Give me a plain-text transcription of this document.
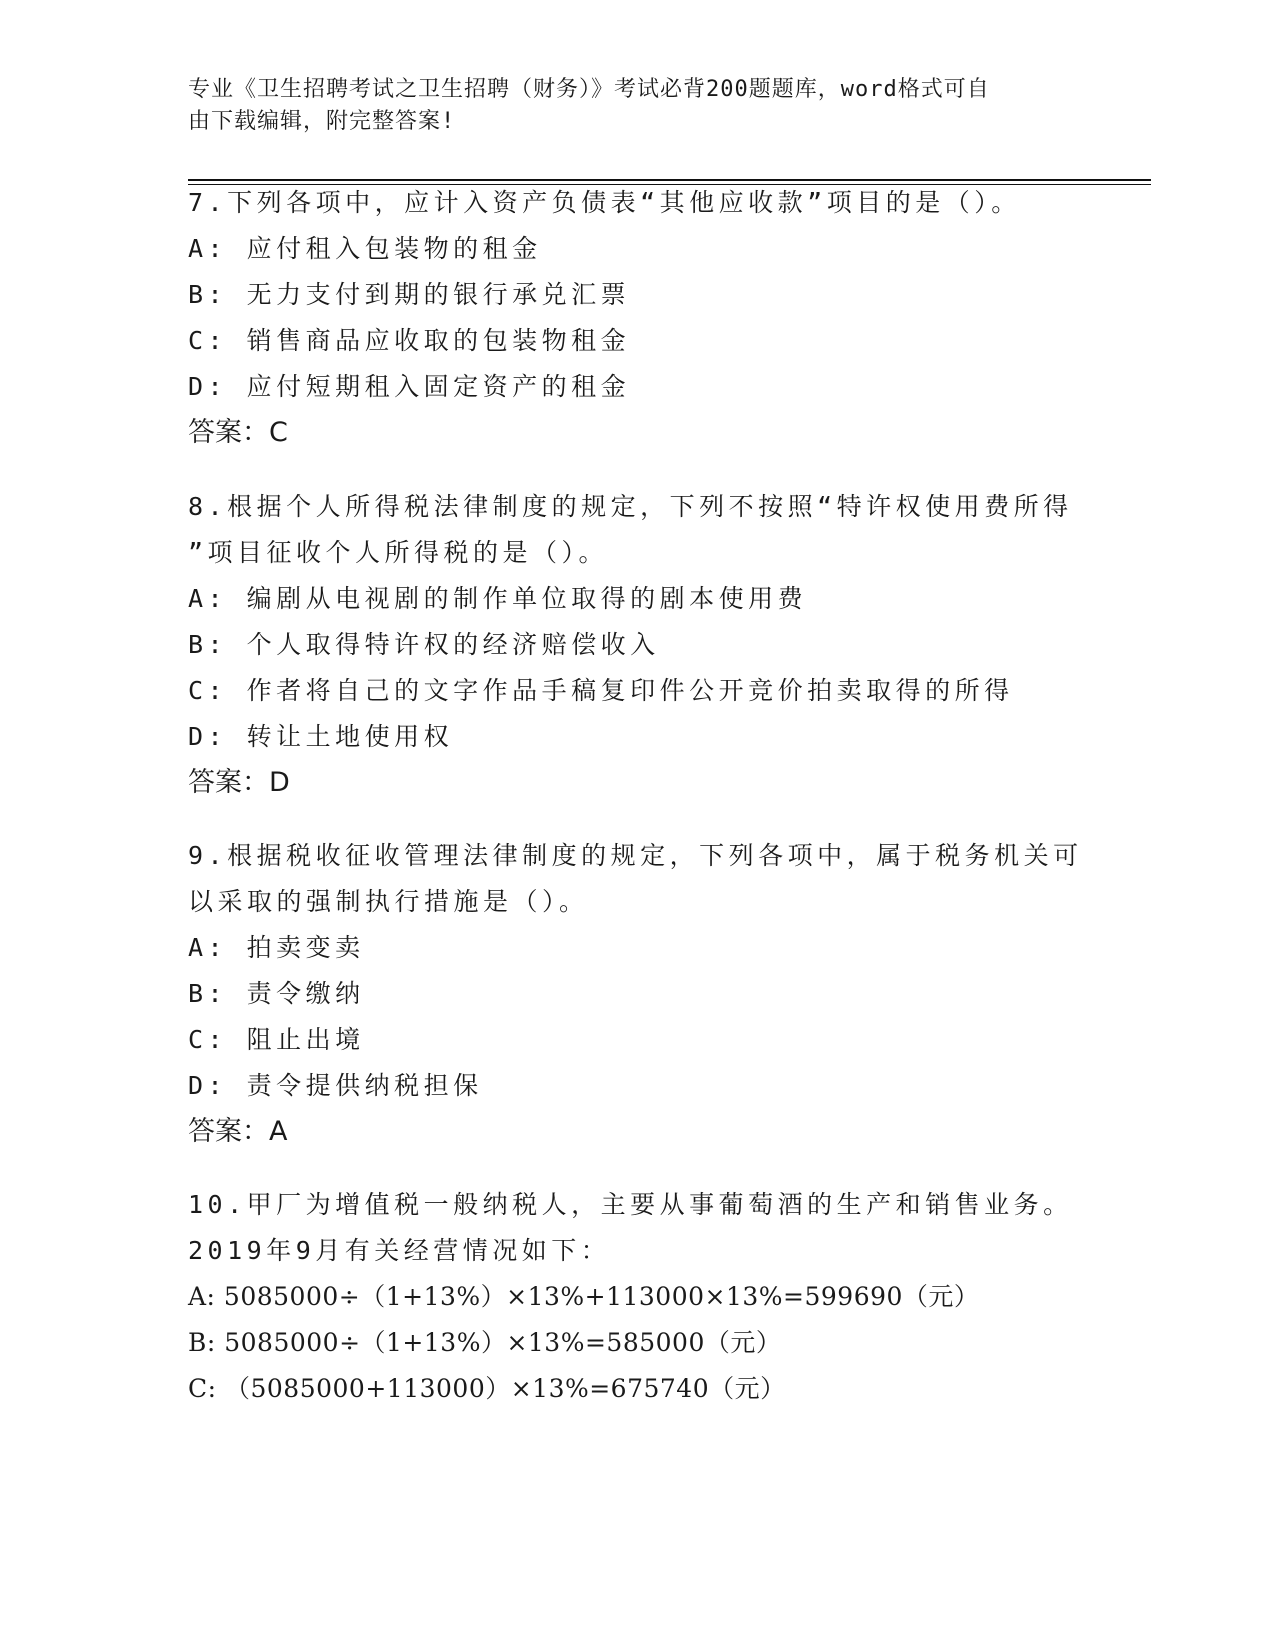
专业《卫生招聘考试之卫生招聘（财务）》考试必背200题题库，word格式可自
由下载编辑，附完整答案!
7.下列各项中，应计入资产负债表“其他应收款”项目的是（）。
A: 应付租入包装物的租金
B: 无力支付到期的银行承兑汇票
C: 销售商品应收取的包装物租金
D: 应付短期租入固定资产的租金
答案：C
8.根据个人所得税法律制度的规定，下列不按照“特许权使用费所得
”项目征收个人所得税的是（）。
A: 编剧从电视剧的制作单位取得的剧本使用费
B: 个人取得特许权的经济赔偿收入
C: 作者将自己的文字作品手稿复印件公开竞价拍卖取得的所得
D: 转让土地使用权
答案：D
9.根据税收征收管理法律制度的规定，下列各项中，属于税务机关可
以采取的强制执行措施是（）。
A: 拍卖变卖
B: 责令缴纳
C: 阻止出境
D: 责令提供纳税担保
答案：A
10.甲厂为增值税一般纳税人，主要从事葡萄酒的生产和销售业务。
2019年9月有关经营情况如下：
A: 5085000÷（1+13%）×13%+113000×13%=599690（元）
B: 5085000÷（1+13%）×13%=585000（元）
C: （5085000+113000）×13%=675740（元）
